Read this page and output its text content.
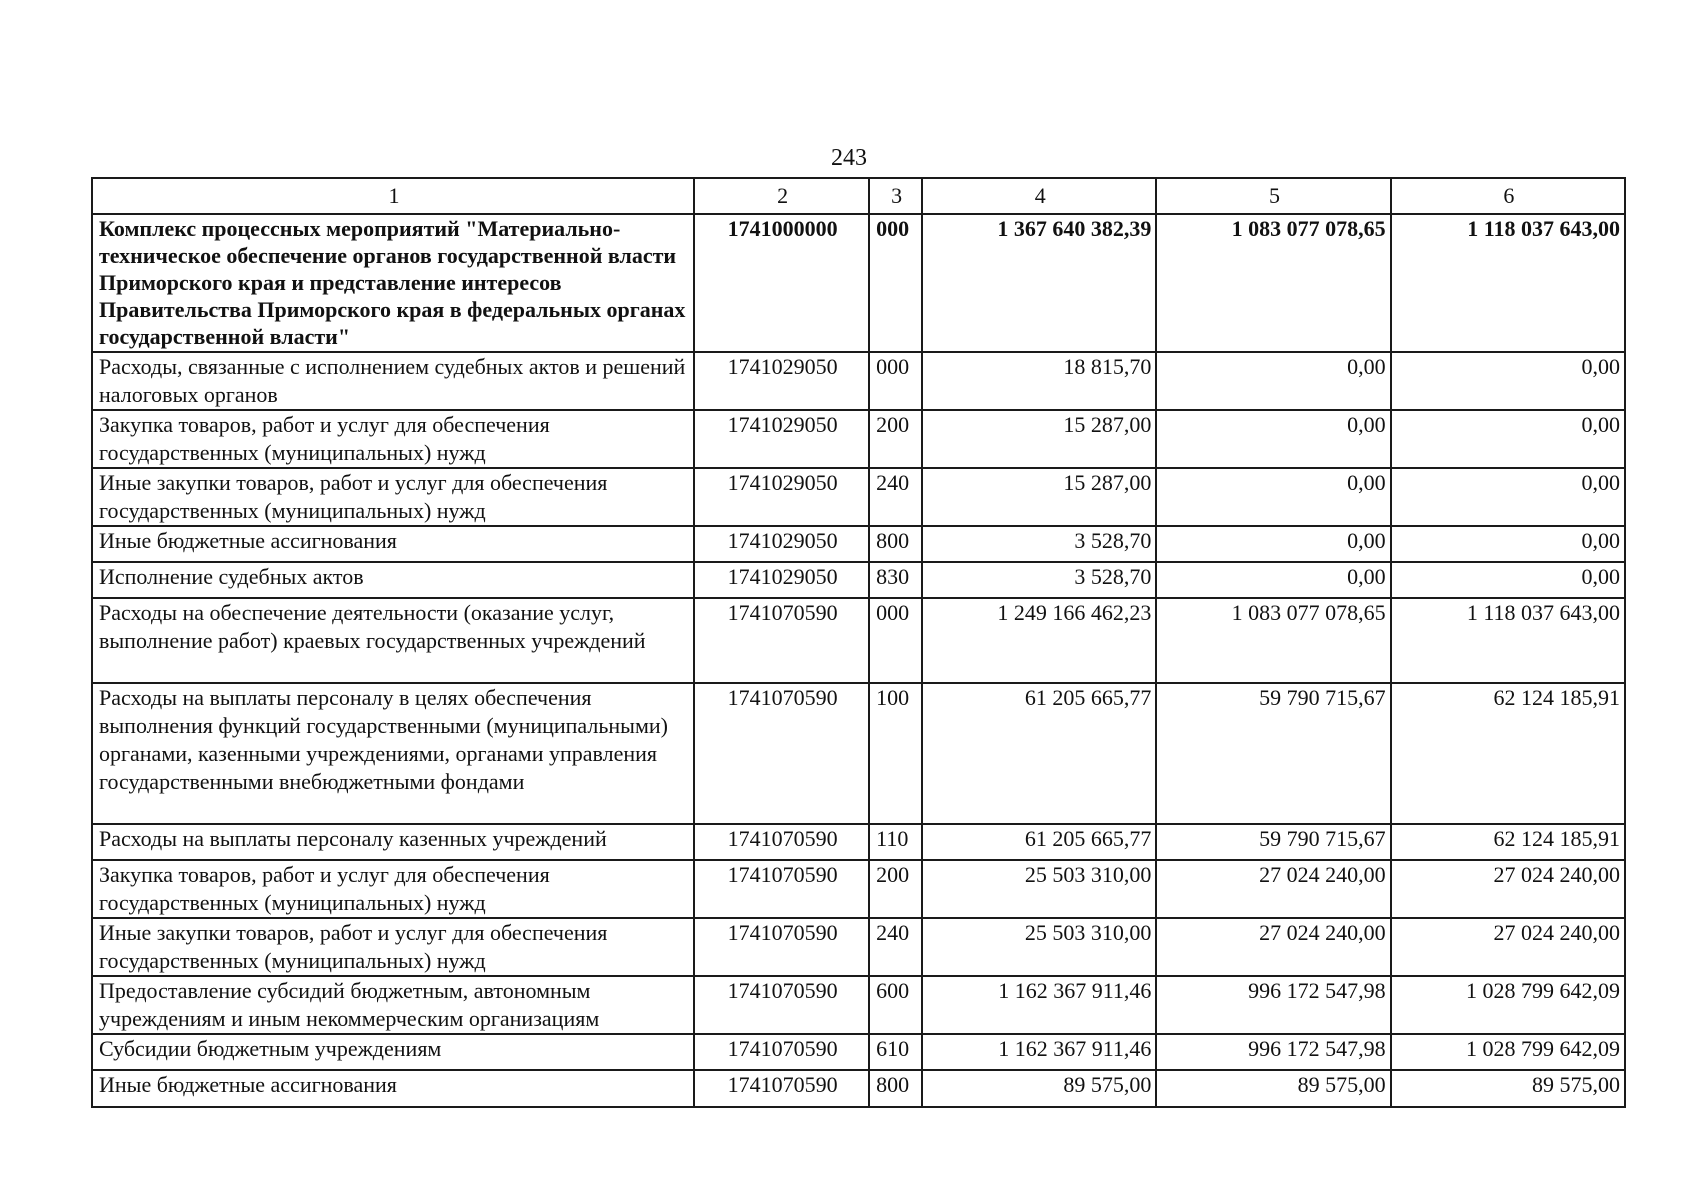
243
1	2	3	4	5	6
Комплекс процессных мероприятий "Материально-техническое обеспечение органов государственной власти Приморского края и представление интересов Правительства Приморского края в федеральных органах государственной власти"	1741000000	000	1 367 640 382,39	1 083 077 078,65	1 118 037 643,00
Расходы, связанные с исполнением судебных актов и решений налоговых органов	1741029050	000	18 815,70	0,00	0,00
Закупка товаров, работ и услуг для обеспечения государственных (муниципальных) нужд	1741029050	200	15 287,00	0,00	0,00
Иные закупки товаров, работ и услуг для обеспечения государственных (муниципальных) нужд	1741029050	240	15 287,00	0,00	0,00
Иные бюджетные ассигнования	1741029050	800	3 528,70	0,00	0,00
Исполнение судебных актов	1741029050	830	3 528,70	0,00	0,00
Расходы на обеспечение деятельности (оказание услуг, выполнение работ) краевых государственных учреждений	1741070590	000	1 249 166 462,23	1 083 077 078,65	1 118 037 643,00
Расходы на выплаты персоналу в целях обеспечения выполнения функций государственными (муниципальными) органами, казенными учреждениями, органами управления государственными внебюджетными фондами	1741070590	100	61 205 665,77	59 790 715,67	62 124 185,91
Расходы на выплаты персоналу казенных учреждений	1741070590	110	61 205 665,77	59 790 715,67	62 124 185,91
Закупка товаров, работ и услуг для обеспечения государственных (муниципальных) нужд	1741070590	200	25 503 310,00	27 024 240,00	27 024 240,00
Иные закупки товаров, работ и услуг для обеспечения государственных (муниципальных) нужд	1741070590	240	25 503 310,00	27 024 240,00	27 024 240,00
Предоставление субсидий бюджетным, автономным учреждениям и иным некоммерческим организациям	1741070590	600	1 162 367 911,46	996 172 547,98	1 028 799 642,09
Субсидии бюджетным учреждениям	1741070590	610	1 162 367 911,46	996 172 547,98	1 028 799 642,09
Иные бюджетные ассигнования	1741070590	800	89 575,00	89 575,00	89 575,00
